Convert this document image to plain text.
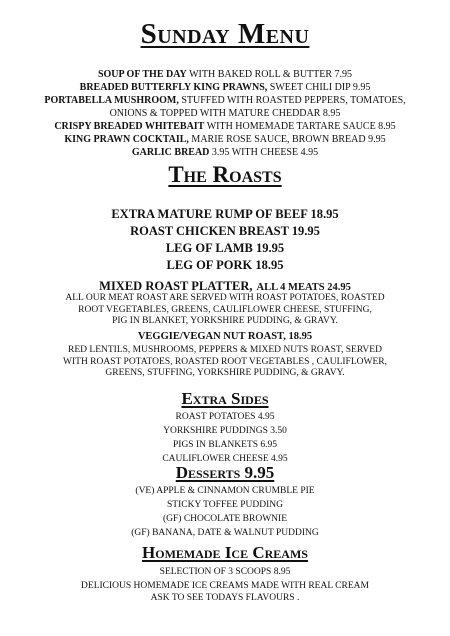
Sunday Menu
SOUP OF THE DAY WITH BAKED ROLL & BUTTER 7.95
BREADED BUTTERFLY KING PRAWNS, SWEET CHILI DIP 9.95
PORTABELLA MUSHROOM, STUFFED WITH ROASTED PEPPERS, TOMATOES,
ONIONS & TOPPED WITH MATURE CHEDDAR 8.95
CRISPY BREADED WHITEBAIT WITH HOMEMADE TARTARE SAUCE 8.95
KING PRAWN COCKTAIL, MARIE ROSE SAUCE, BROWN BREAD 9.95
GARLIC BREAD 3.95 WITH CHEESE 4.95
The Roasts
EXTRA MATURE RUMP OF BEEF 18.95
ROAST CHICKEN BREAST 19.95
LEG OF LAMB 19.95
LEG OF PORK 18.95
MIXED ROAST PLATTER, ALL 4 MEATS 24.95
ALL OUR MEAT ROAST ARE SERVED WITH ROAST POTATOES, ROASTED
ROOT VEGETABLES, GREENS, CAULIFLOWER CHEESE, STUFFING,
PIG IN BLANKET, YORKSHIRE PUDDING, & GRAVY.
VEGGIE/VEGAN NUT ROAST, 18.95
RED LENTILS, MUSHROOMS, PEPPERS & MIXED NUTS ROAST, SERVED
WITH ROAST POTATOES, ROASTED ROOT VEGETABLES , CAULIFLOWER,
GREENS, STUFFING, YORKSHIRE PUDDING, & GRAVY.
Extra Sides
ROAST POTATOES 4.95
YORKSHIRE PUDDINGS 3.50
PIGS IN BLANKETS 6.95
CAULIFLOWER CHEESE 4.95
Desserts 9.95
(VE) APPLE & CINNAMON CRUMBLE PIE
STICKY TOFFEE PUDDING
(GF) CHOCOLATE BROWNIE
(GF) BANANA, DATE & WALNUT PUDDING
Homemade Ice Creams
SELECTION OF 3 SCOOPS 8.95
DELICIOUS HOMEMADE ICE CREAMS MADE WITH REAL CREAM
ASK TO SEE TODAYS FLAVOURS .
